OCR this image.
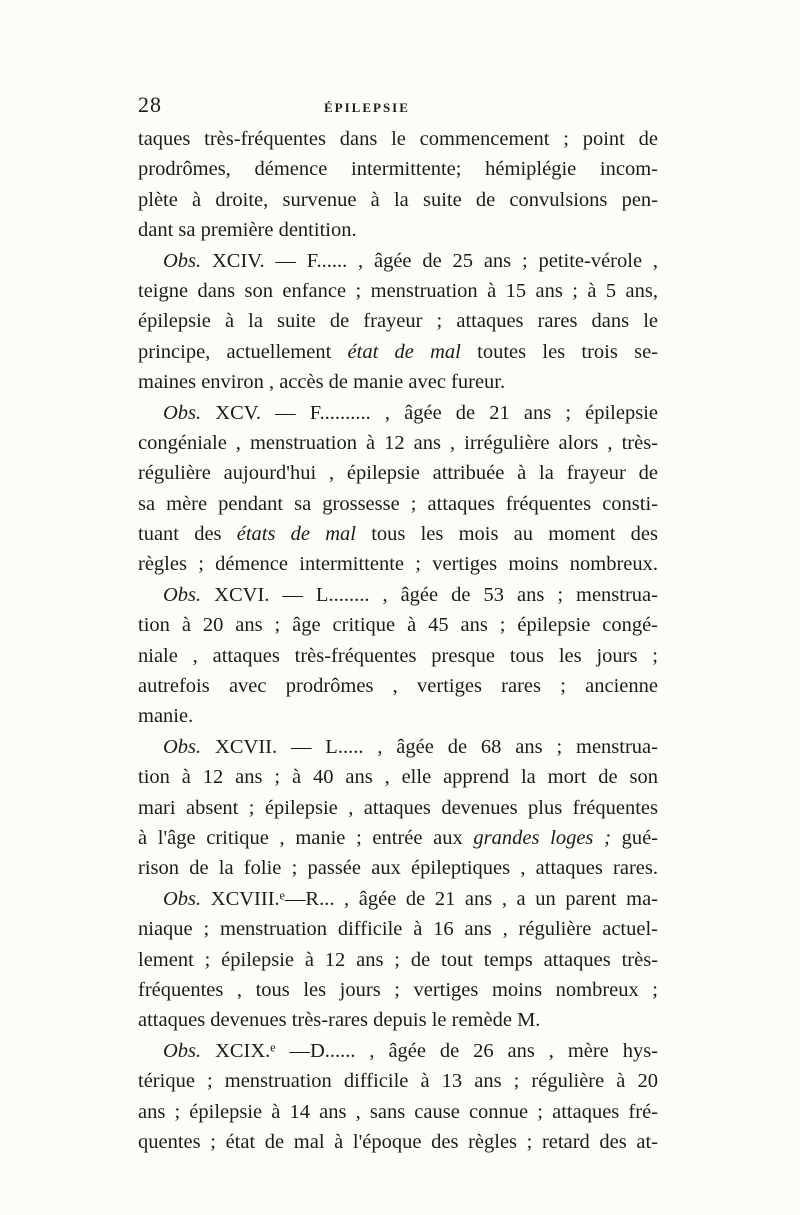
28	ÉPILEPSIE
taques très-fréquentes dans le commencement ; point de
prodrômes, démence intermittente; hémiplégie incom-
plète à droite, survenue à la suite de convulsions pen-
dant sa première dentition.
Obs. XCIV. — F...... , âgée de 25 ans ; petite-vérole ,
teigne dans son enfance ; menstruation à 15 ans ; à 5 ans,
épilepsie à la suite de frayeur ; attaques rares dans le
principe, actuellement état de mal toutes les trois se-
maines environ , accès de manie avec fureur.
Obs. XCV. — F.......... , âgée de 21 ans ; épilepsie
congéniale , menstruation à 12 ans , irrégulière alors , très-
régulière aujourd'hui , épilepsie attribuée à la frayeur de
sa mère pendant sa grossesse ; attaques fréquentes consti-
tuant des états de mal tous les mois au moment des
règles ; démence intermittente ; vertiges moins nombreux.
Obs. XCVI. — L........ , âgée de 53 ans ; menstrua-
tion à 20 ans ; âge critique à 45 ans ; épilepsie congé-
niale , attaques très-fréquentes presque tous les jours ;
autrefois avec prodrômes , vertiges rares ; ancienne
manie.
Obs. XCVII. — L..... , âgée de 68 ans ; menstrua-
tion à 12 ans ; à 40 ans , elle apprend la mort de son
mari absent ; épilepsie , attaques devenues plus fréquentes
à l'âge critique , manie ; entrée aux grandes loges ; gué-
rison de la folie ; passée aux épileptiques , attaques rares.
Obs. XCVIII.ᵉ—R... , âgée de 21 ans , a un parent ma-
niaque ; menstruation difficile à 16 ans , régulière actuel-
lement ; épilepsie à 12 ans ; de tout temps attaques très-
fréquentes , tous les jours ; vertiges moins nombreux ;
attaques devenues très-rares depuis le remède M.
Obs. XCIX.ᵉ —D...... , âgée de 26 ans , mère hys-
térique ; menstruation difficile à 13 ans ; régulière à 20
ans ; épilepsie à 14 ans , sans cause connue ; attaques fré-
quentes ; état de mal à l'époque des règles ; retard des at-
